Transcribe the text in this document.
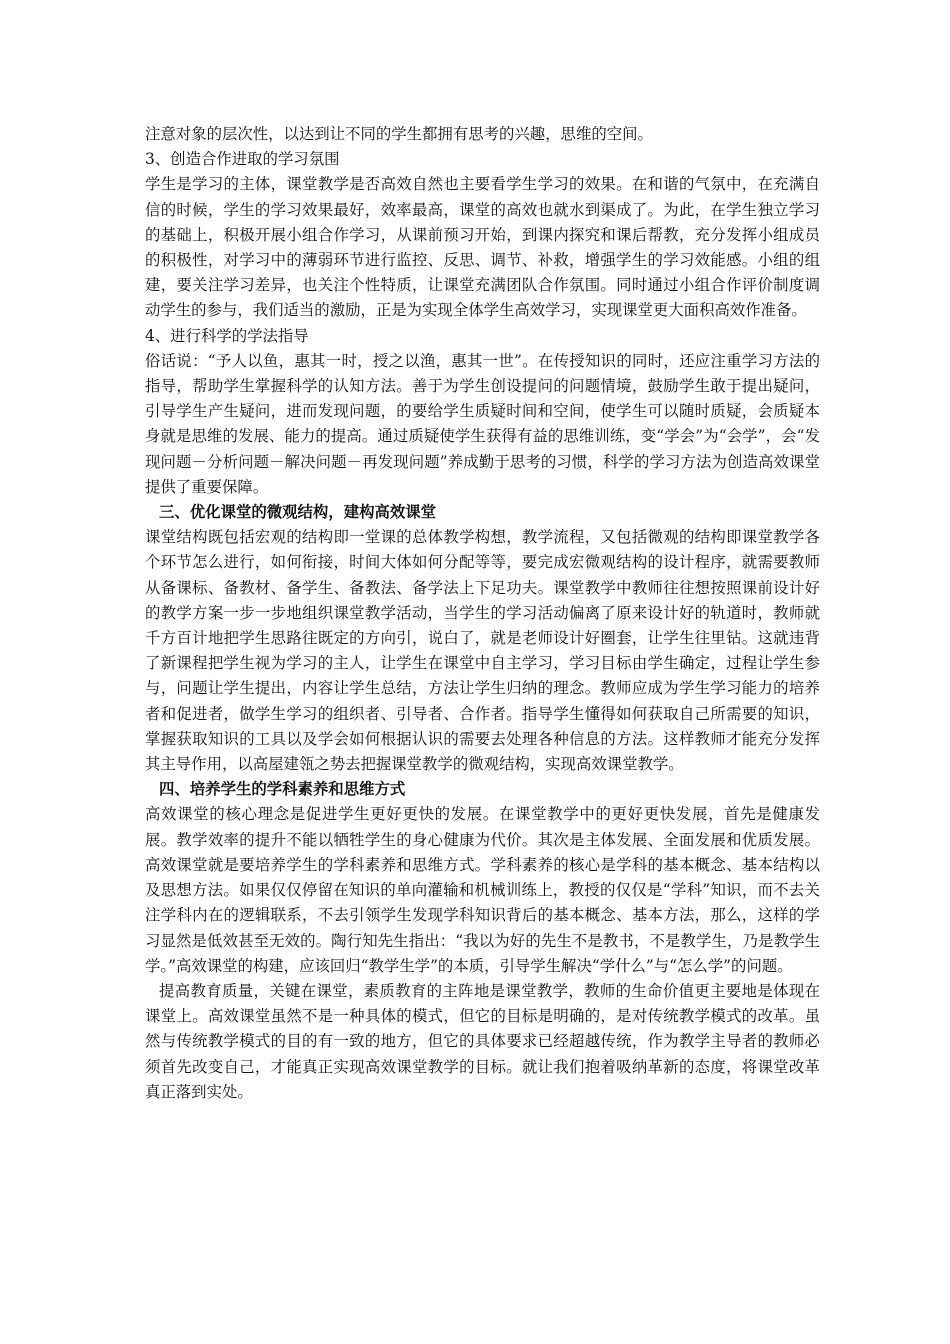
注意对象的层次性，以达到让不同的学生都拥有思考的兴趣，思维的空间。

3、创造合作进取的学习氛围

学生是学习的主体，课堂教学是否高效自然也主要看学生学习的效果。在和谐的气氛中，在充满自信的时候，学生的学习效果最好，效率最高，课堂的高效也就水到渠成了。为此，在学生独立学习的基础上，积极开展小组合作学习，从课前预习开始，到课内探究和课后帮教，充分发挥小组成员的积极性，对学习中的薄弱环节进行监控、反思、调节、补救，增强学生的学习效能感。小组的组建，要关注学习差异，也关注个性特质，让课堂充满团队合作氛围。同时通过小组合作评价制度调动学生的参与，我们适当的激励，正是为实现全体学生高效学习，实现课堂更大面积高效作准备。

4、进行科学的学法指导

俗话说：“予人以鱼，惠其一时，授之以渔，惠其一世”。在传授知识的同时，还应注重学习方法的指导，帮助学生掌握科学的认知方法。善于为学生创设提问的问题情境，鼓励学生敢于提出疑问，引导学生产生疑问，进而发现问题，的要给学生质疑时间和空间，使学生可以随时质疑，会质疑本身就是思维的发展、能力的提高。通过质疑使学生获得有益的思维训练，变“学会”为“会学”，会“发现问题－分析问题－解决问题－再发现问题”养成勤于思考的习惯，科学的学习方法为创造高效课堂提供了重要保障。

三、优化课堂的微观结构，建构高效课堂

课堂结构既包括宏观的结构即一堂课的总体教学构想，教学流程，又包括微观的结构即课堂教学各个环节怎么进行，如何衔接，时间大体如何分配等等，要完成宏微观结构的设计程序，就需要教师从备课标、备教材、备学生、备教法、备学法上下足功夫。课堂教学中教师往往想按照课前设计好的教学方案一步一步地组织课堂教学活动，当学生的学习活动偏离了原来设计好的轨道时，教师就千方百计地把学生思路往既定的方向引，说白了，就是老师设计好圈套，让学生往里钻。这就违背了新课程把学生视为学习的主人，让学生在课堂中自主学习，学习目标由学生确定，过程让学生参与，问题让学生提出，内容让学生总结，方法让学生归纳的理念。教师应成为学生学习能力的培养者和促进者，做学生学习的组织者、引导者、合作者。指导学生懂得如何获取自己所需要的知识，掌握获取知识的工具以及学会如何根据认识的需要去处理各种信息的方法。这样教师才能充分发挥其主导作用，以高屋建瓴之势去把握课堂教学的微观结构，实现高效课堂教学。

四、培养学生的学科素养和思维方式

高效课堂的核心理念是促进学生更好更快的发展。在课堂教学中的更好更快发展，首先是健康发展。教学效率的提升不能以牺牲学生的身心健康为代价。其次是主体发展、全面发展和优质发展。高效课堂就是要培养学生的学科素养和思维方式。学科素养的核心是学科的基本概念、基本结构以及思想方法。如果仅仅停留在知识的单向灌输和机械训练上，教授的仅仅是“学科”知识，而不去关注学科内在的逻辑联系，不去引领学生发现学科知识背后的基本概念、基本方法，那么，这样的学习显然是低效甚至无效的。陶行知先生指出：“我以为好的先生不是教书，不是教学生，乃是教学生学。”高效课堂的构建，应该回归“教学生学”的本质，引导学生解决“学什么”与“怎么学”的问题。

提高教育质量，关键在课堂，素质教育的主阵地是课堂教学，教师的生命价值更主要地是体现在课堂上。高效课堂虽然不是一种具体的模式，但它的目标是明确的，是对传统教学模式的改革。虽然与传统教学模式的目的有一致的地方，但它的具体要求已经超越传统，作为教学主导者的教师必须首先改变自己，才能真正实现高效课堂教学的目标。就让我们抱着吸纳革新的态度，将课堂改革真正落到实处。
